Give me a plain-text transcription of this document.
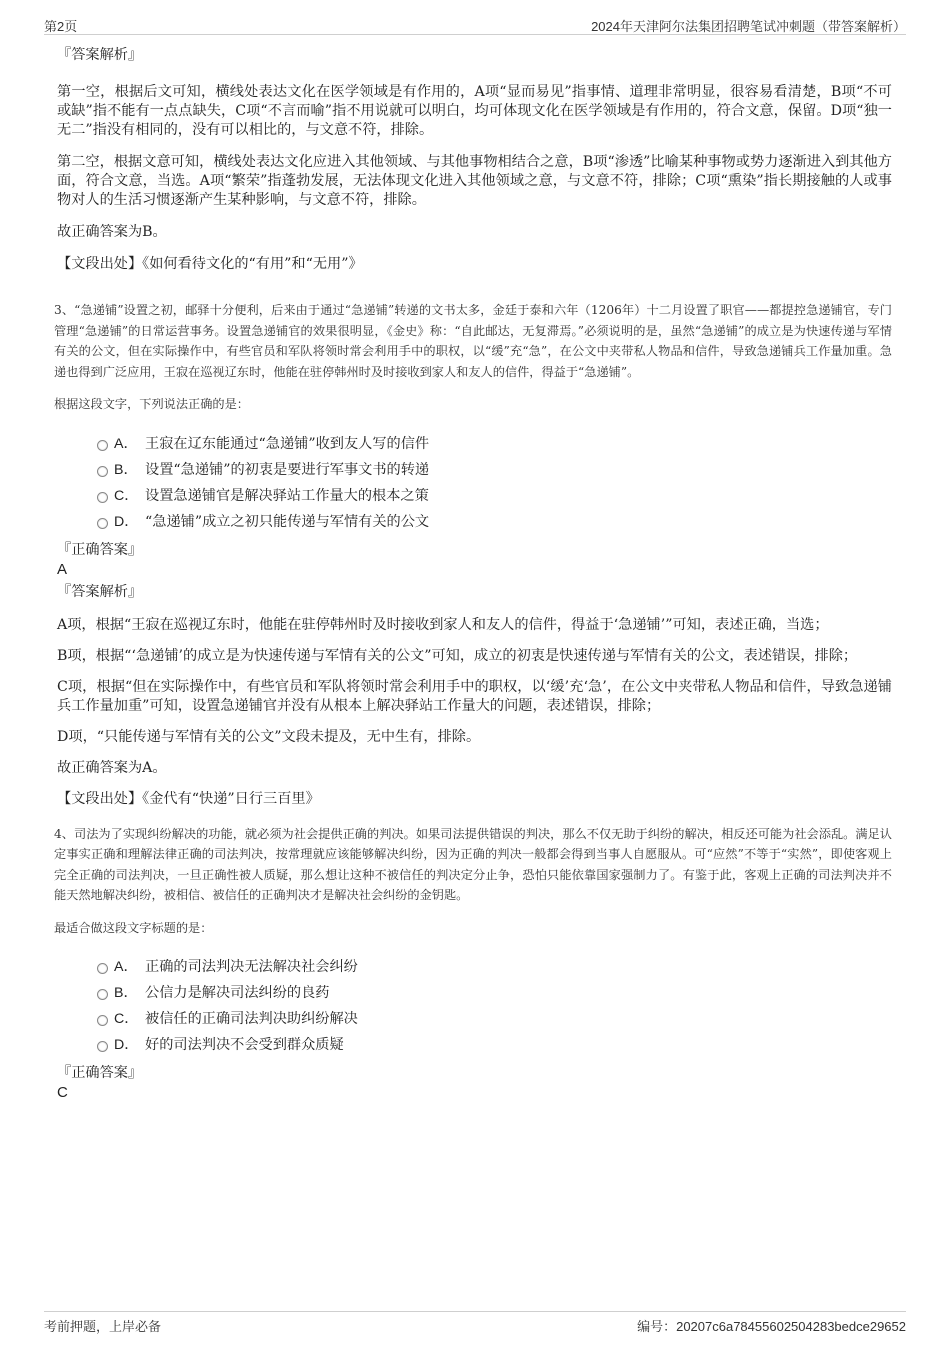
第2页	2024年天津阿尔法集团招聘笔试冲刺题（带答案解析）

『答案解析』

第一空，根据后文可知，横线处表达文化在医学领域是有作用的，A项“显而易见”指事情、道理非常明显，很容易看清楚，B项“不可或缺”指不能有一点点缺失，C项“不言而喻”指不用说就可以明白，均可体现文化在医学领域是有作用的，符合文意，保留。D项“独一无二”指没有相同的，没有可以相比的，与文意不符，排除。

第二空，根据文意可知，横线处表达文化应进入其他领域、与其他事物相结合之意，B项“渗透”比喻某种事物或势力逐渐进入到其他方面，符合文意，当选。A项“繁荣”指蓬勃发展，无法体现文化进入其他领域之意，与文意不符，排除；C项“熏染”指长期接触的人或事物对人的生活习惯逐渐产生某种影响，与文意不符，排除。

故正确答案为B。

【文段出处】《如何看待文化的“有用”和“无用”》

3、“急递铺”设置之初，邮驿十分便利，后来由于通过“急递铺”转递的文书太多，金廷于泰和六年（1206年）十二月设置了职官——都提控急递铺官，专门管理“急递铺”的日常运营事务。设置急递铺官的效果很明显，《金史》称：“自此邮达，无复滞焉。”必须说明的是，虽然“急递铺”的成立是为快速传递与军情有关的公文，但在实际操作中，有些官员和军队将领时常会利用手中的职权，以“缓”充“急”，在公文中夹带私人物品和信件，导致急递铺兵工作量加重。急递也得到广泛应用，王寂在巡视辽东时，他能在驻停韩州时及时接收到家人和友人的信件，得益于“急递铺”。

根据这段文字，下列说法正确的是：

A． 王寂在辽东能通过“急递铺”收到友人写的信件
B． 设置“急递铺”的初衷是要进行军事文书的转递
C． 设置急递铺官是解决驿站工作量大的根本之策
D． “急递铺”成立之初只能传递与军情有关的公文

『正确答案』

A

『答案解析』

A项，根据“王寂在巡视辽东时，他能在驻停韩州时及时接收到家人和友人的信件，得益于‘急递铺’”可知，表述正确，当选；

B项，根据“‘急递铺’的成立是为快速传递与军情有关的公文”可知，成立的初衷是快速传递与军情有关的公文，表述错误，排除；

C项，根据“但在实际操作中，有些官员和军队将领时常会利用手中的职权，以‘缓’充‘急’，在公文中夹带私人物品和信件，导致急递铺兵工作量加重”可知，设置急递铺官并没有从根本上解决驿站工作量大的问题，表述错误，排除；

D项，“只能传递与军情有关的公文”文段未提及，无中生有，排除。

故正确答案为A。

【文段出处】《金代有“快递”日行三百里》

4、司法为了实现纠纷解决的功能，就必须为社会提供正确的判决。如果司法提供错误的判决，那么不仅无助于纠纷的解决，相反还可能为社会添乱。满足认定事实正确和理解法律正确的司法判决，按常理就应该能够解决纠纷，因为正确的判决一般都会得到当事人自愿服从。可“应然”不等于“实然”，即使客观上完全正确的司法判决，一旦正确性被人质疑，那么想让这种不被信任的判决定分止争，恐怕只能依靠国家强制力了。有鉴于此，客观上正确的司法判决并不能天然地解决纠纷，被相信、被信任的正确判决才是解决社会纠纷的金钥匙。

最适合做这段文字标题的是：

A． 正确的司法判决无法解决社会纠纷
B． 公信力是解决司法纠纷的良药
C． 被信任的正确司法判决助纠纷解决
D． 好的司法判决不会受到群众质疑

『正确答案』

C

考前押题，上岸必备	编号：20207c6a78455602504283bedce29652
